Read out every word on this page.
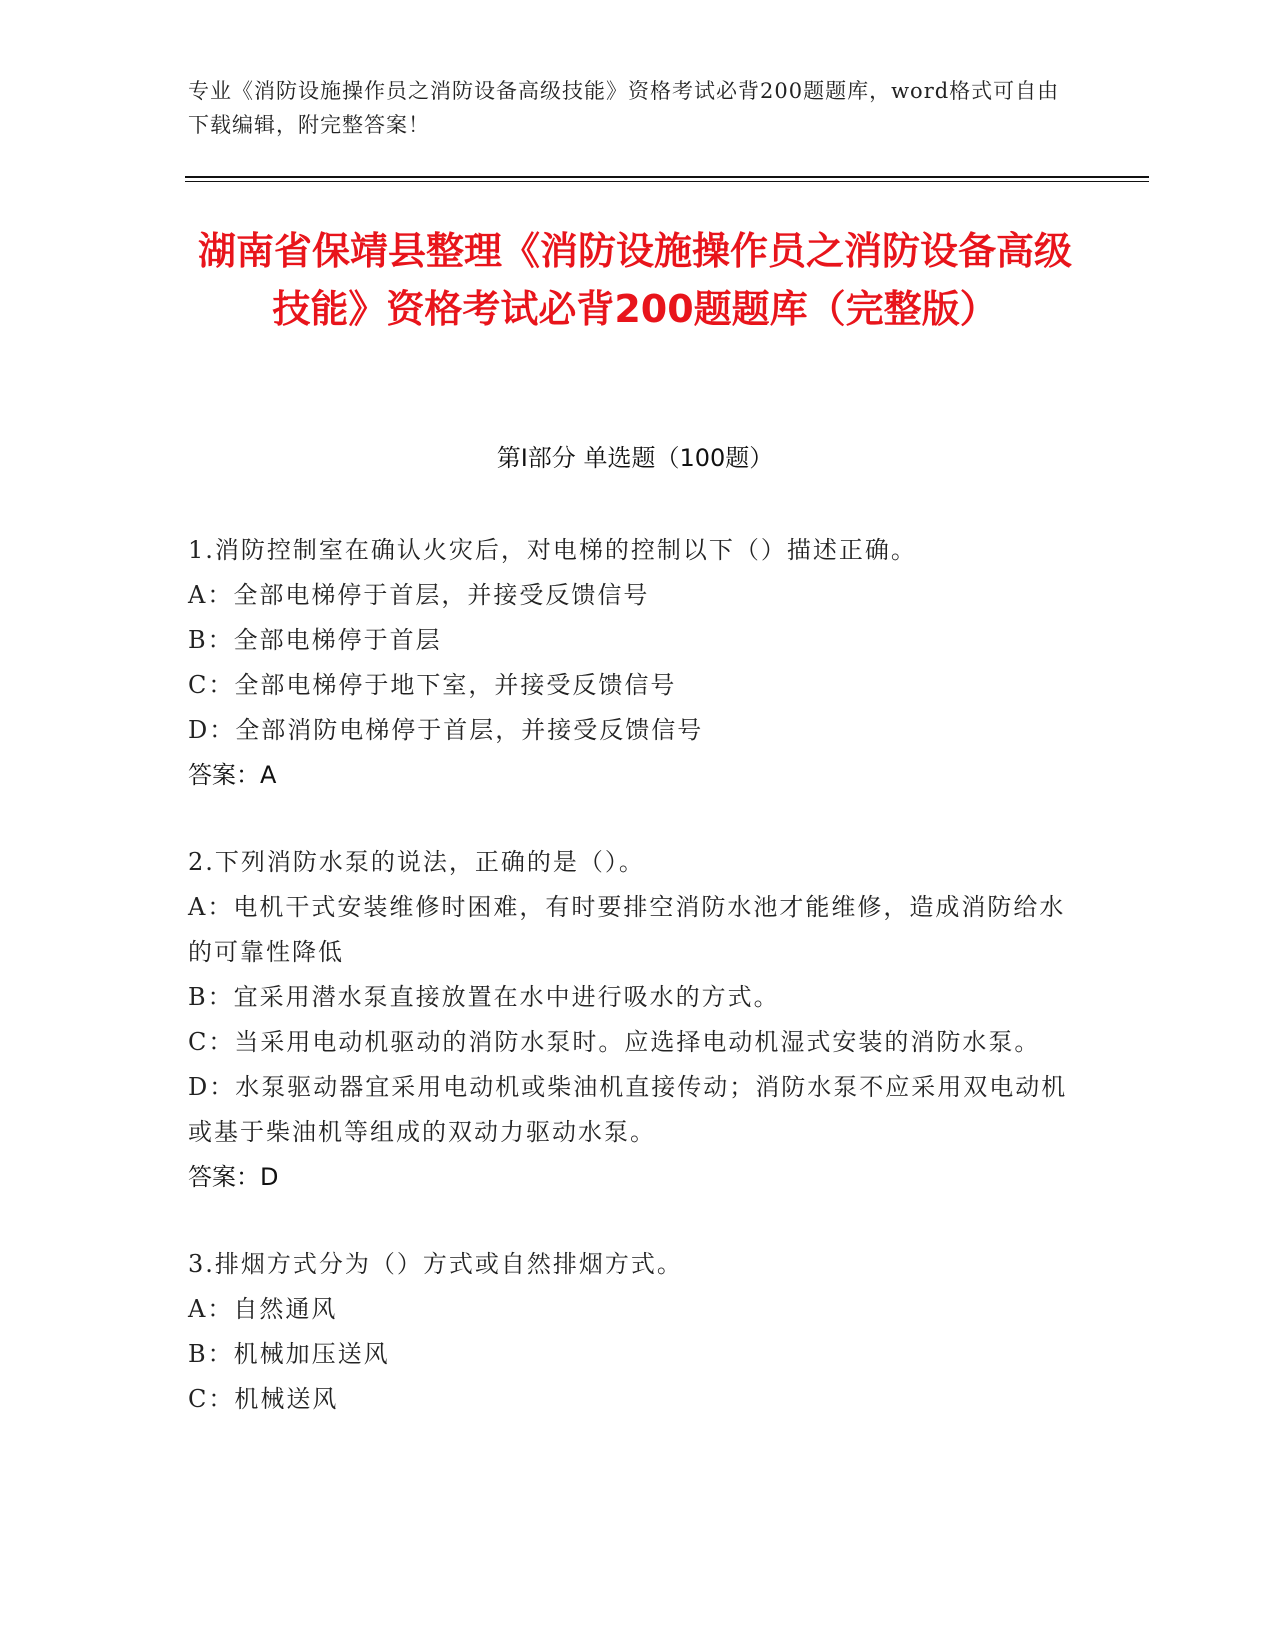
专业《消防设施操作员之消防设备高级技能》资格考试必背200题题库，word格式可自由下载编辑，附完整答案！
湖南省保靖县整理《消防设施操作员之消防设备高级技能》资格考试必背200题题库（完整版）
第I部分 单选题（100题）
1.消防控制室在确认火灾后，对电梯的控制以下（）描述正确。
A：全部电梯停于首层，并接受反馈信号
B：全部电梯停于首层
C：全部电梯停于地下室，并接受反馈信号
D：全部消防电梯停于首层，并接受反馈信号
答案：A
2.下列消防水泵的说法，正确的是（）。
A：电机干式安装维修时困难，有时要排空消防水池才能维修，造成消防给水的可靠性降低
B：宜采用潜水泵直接放置在水中进行吸水的方式。
C：当采用电动机驱动的消防水泵时。应选择电动机湿式安装的消防水泵。
D：水泵驱动器宜采用电动机或柴油机直接传动；消防水泵不应采用双电动机或基于柴油机等组成的双动力驱动水泵。
答案：D
3.排烟方式分为（）方式或自然排烟方式。
A：自然通风
B：机械加压送风
C：机械送风
